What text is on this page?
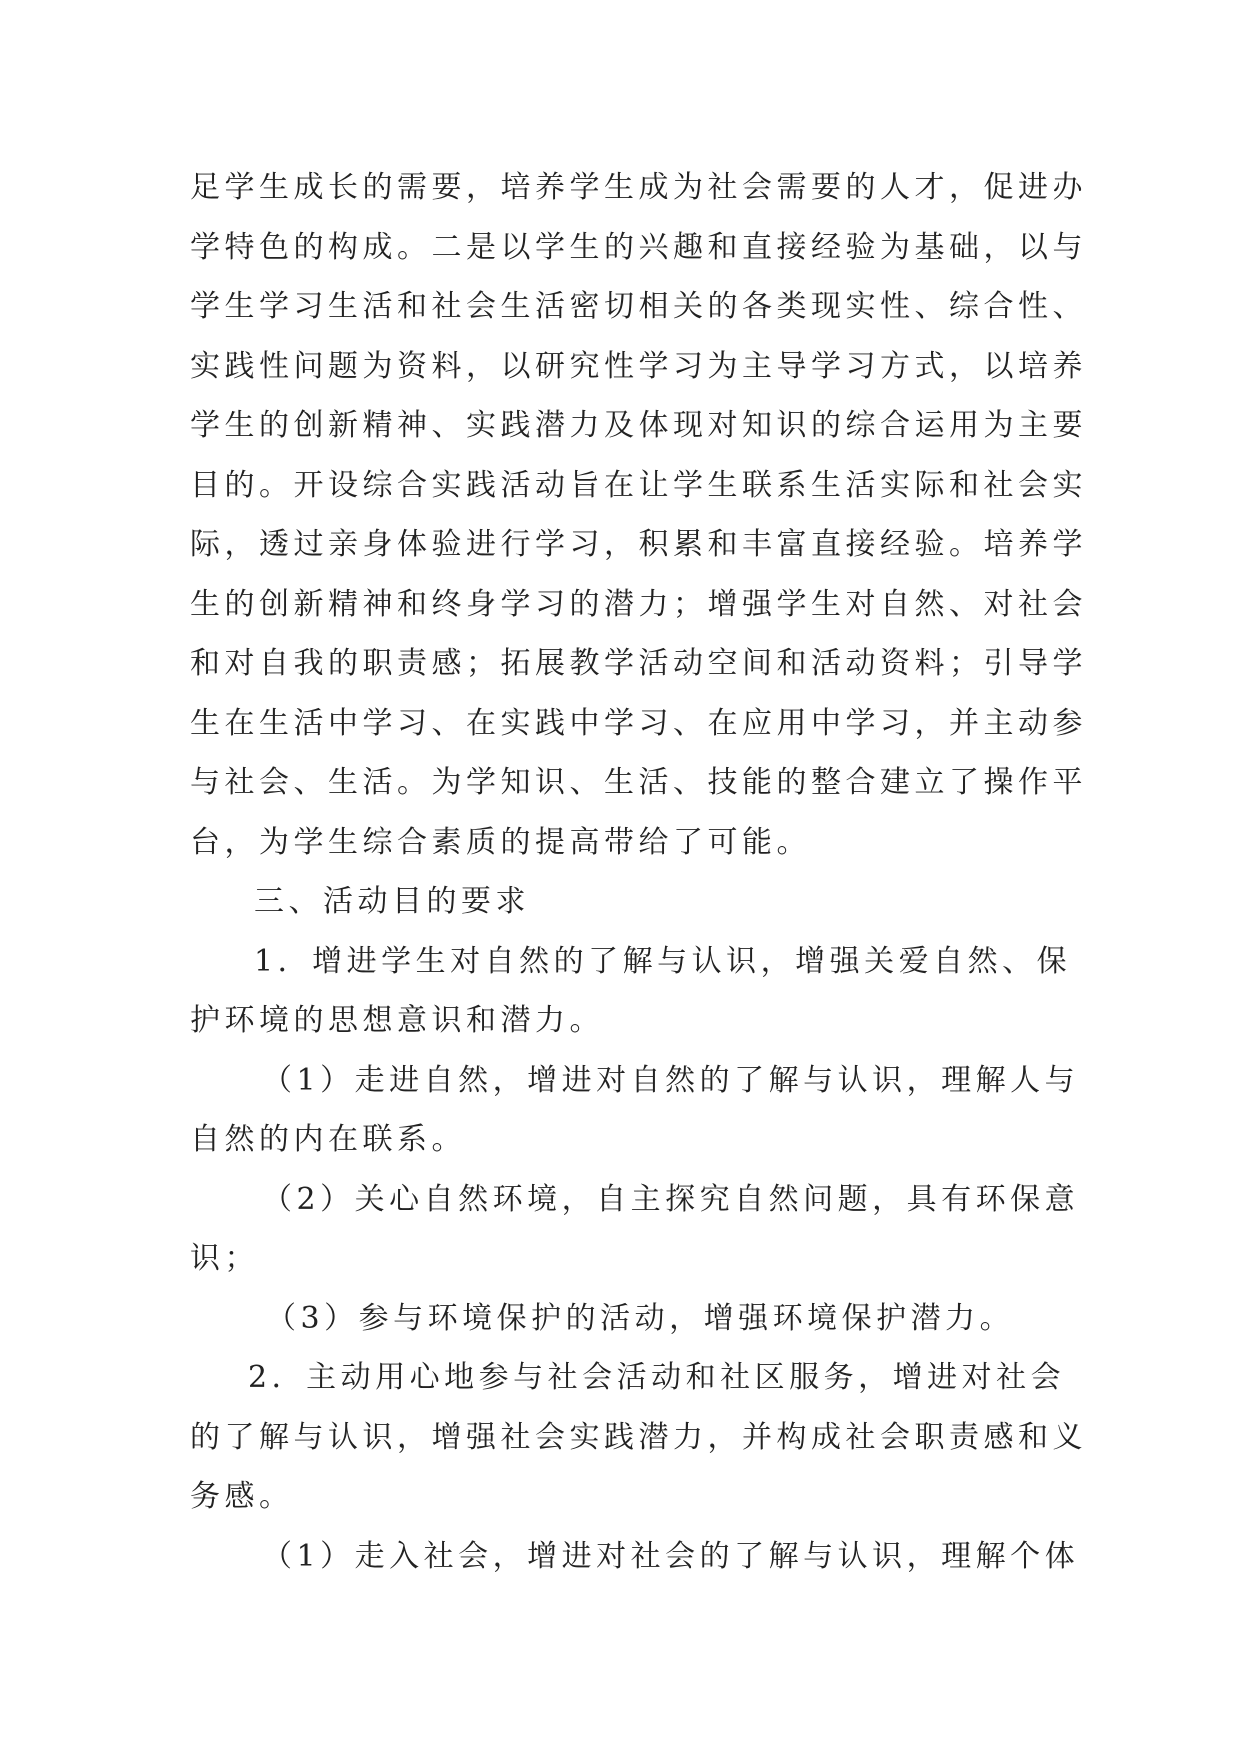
足学生成长的需要，培养学生成为社会需要的人才，促进办
学特色的构成。二是以学生的兴趣和直接经验为基础，以与
学生学习生活和社会生活密切相关的各类现实性、综合性、
实践性问题为资料，以研究性学习为主导学习方式，以培养
学生的创新精神、实践潜力及体现对知识的综合运用为主要
目的。开设综合实践活动旨在让学生联系生活实际和社会实
际，透过亲身体验进行学习，积累和丰富直接经验。培养学
生的创新精神和终身学习的潜力；增强学生对自然、对社会
和对自我的职责感；拓展教学活动空间和活动资料；引导学
生在生活中学习、在实践中学习、在应用中学习，并主动参
与社会、生活。为学知识、生活、技能的整合建立了操作平
台，为学生综合素质的提高带给了可能。
三、活动目的要求
1．增进学生对自然的了解与认识，增强关爱自然、保
护环境的思想意识和潜力。
（1）走进自然，增进对自然的了解与认识，理解人与
自然的内在联系。
（2）关心自然环境，自主探究自然问题，具有环保意
识；
（3）参与环境保护的活动，增强环境保护潜力。
2．主动用心地参与社会活动和社区服务，增进对社会
的了解与认识，增强社会实践潜力，并构成社会职责感和义
务感。
（1）走入社会，增进对社会的了解与认识，理解个体
